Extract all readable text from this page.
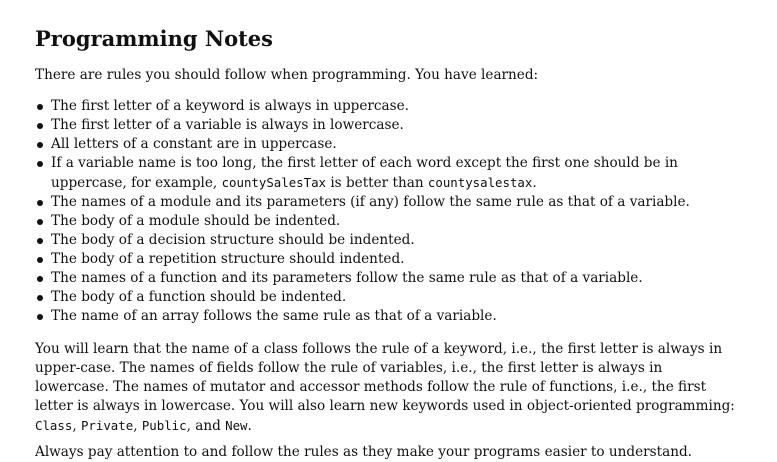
Programming Notes

There are rules you should follow when programming. You have learned:

The first letter of a keyword is always in uppercase.
The first letter of a variable is always in lowercase.
All letters of a constant are in uppercase.
If a variable name is too long, the first letter of each word except the first one should be in uppercase, for example, countySalesTax is better than countysalestax.
The names of a module and its parameters (if any) follow the same rule as that of a variable.
The body of a module should be indented.
The body of a decision structure should be indented.
The body of a repetition structure should indented.
The names of a function and its parameters follow the same rule as that of a variable.
The body of a function should be indented.
The name of an array follows the same rule as that of a variable.

You will learn that the name of a class follows the rule of a keyword, i.e., the first letter is always in upper-case. The names of fields follow the rule of variables, i.e., the first letter is always in lowercase. The names of mutator and accessor methods follow the rule of functions, i.e., the first letter is always in lowercase. You will also learn new keywords used in object-oriented programming: Class, Private, Public, and New.

Always pay attention to and follow the rules as they make your programs easier to understand.
